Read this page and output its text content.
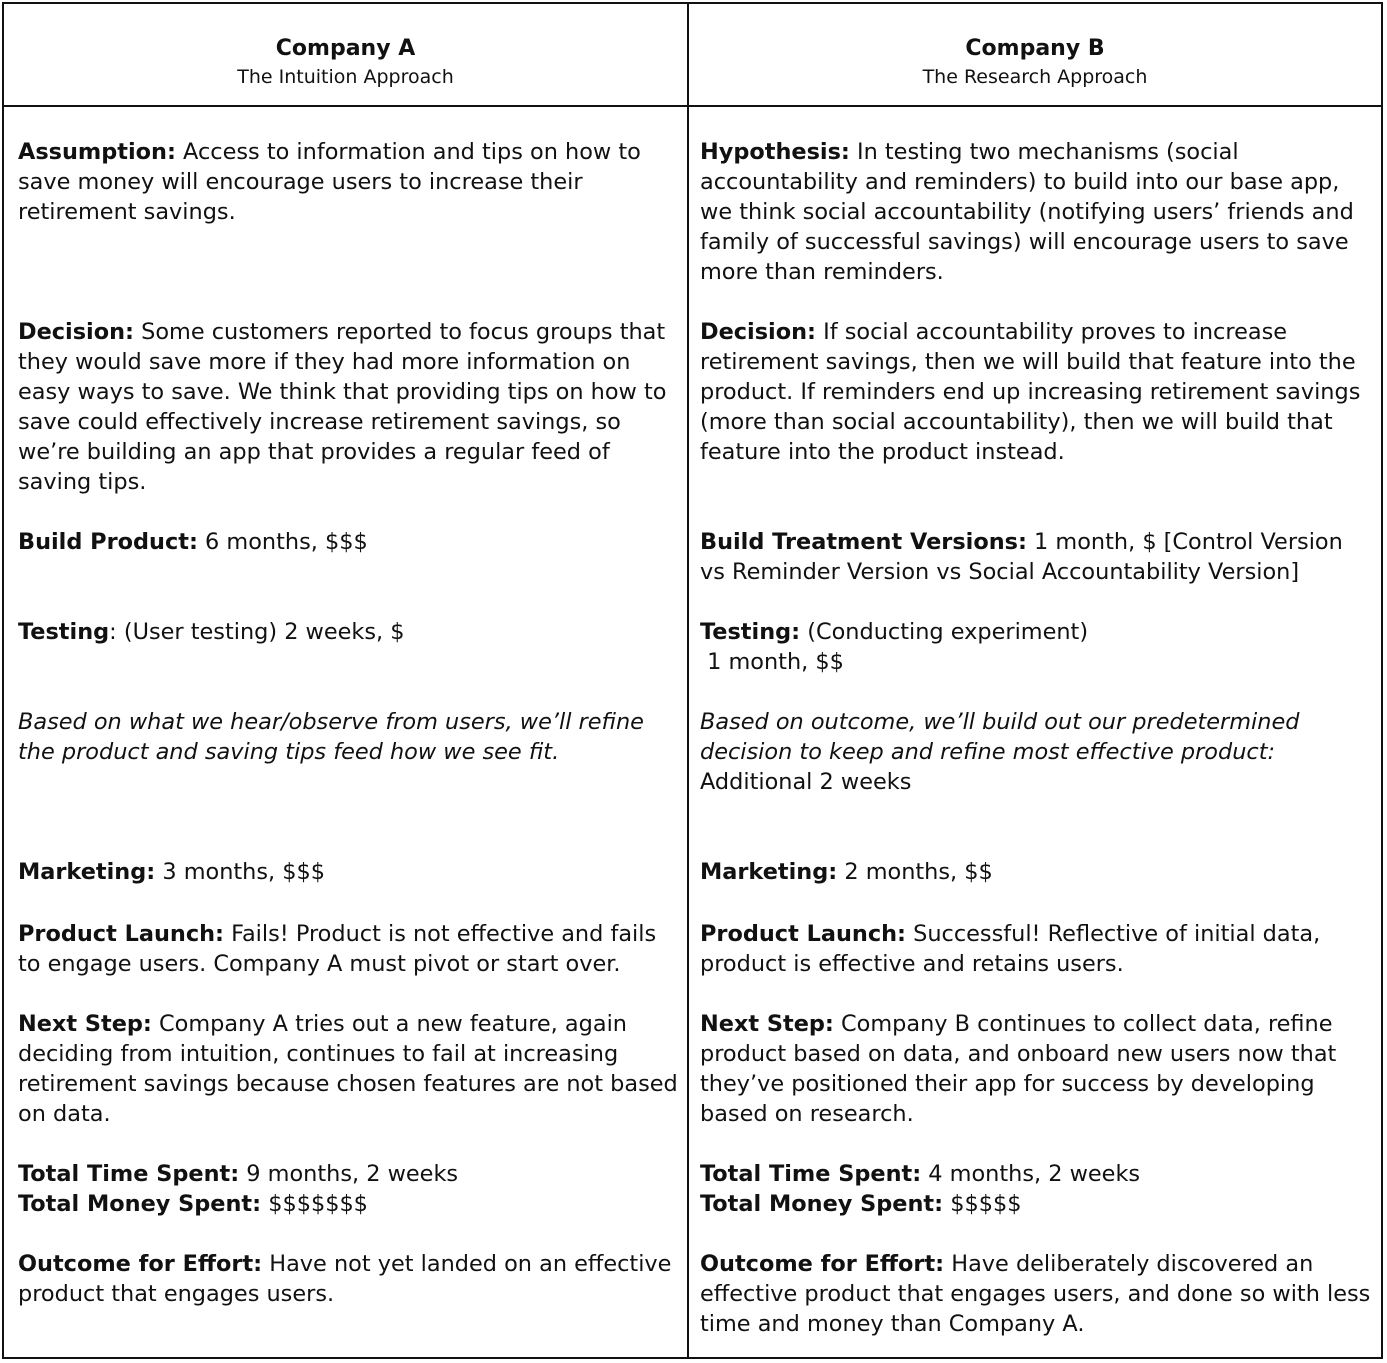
Company A
The Intuition Approach
Company B
The Research Approach
Assumption: Access to information and tips on how to save money will encourage users to increase their retirement savings.
Decision: Some customers reported to focus groups that they would save more if they had more information on easy ways to save. We think that providing tips on how to save could effectively increase retirement savings, so we’re building an app that provides a regular feed of saving tips.
Build Product: 6 months, $$$
Testing: (User testing) 2 weeks, $
Based on what we hear/observe from users, we’ll refine the product and saving tips feed how we see fit.
Marketing: 3 months, $$$
Product Launch: Fails! Product is not effective and fails to engage users. Company A must pivot or start over.
Next Step: Company A tries out a new feature, again deciding from intuition, continues to fail at increasing retirement savings because chosen features are not based on data.
Total Time Spent: 9 months, 2 weeks
Total Money Spent: $$$$$$$
Outcome for Effort: Have not yet landed on an effective product that engages users.
Hypothesis: In testing two mechanisms (social accountability and reminders) to build into our base app, we think social accountability (notifying users’ friends and family of successful savings) will encourage users to save more than reminders.
Decision: If social accountability proves to increase retirement savings, then we will build that feature into the product. If reminders end up increasing retirement savings (more than social accountability), then we will build that feature into the product instead.
Build Treatment Versions: 1 month, $ [Control Version vs Reminder Version vs Social Accountability Version]
Testing: (Conducting experiment)
1 month, $$
Based on outcome, we’ll build out our predetermined decision to keep and refine most effective product: Additional 2 weeks
Marketing: 2 months, $$
Product Launch: Successful! Reflective of initial data, product is effective and retains users.
Next Step: Company B continues to collect data, refine product based on data, and onboard new users now that they’ve positioned their app for success by developing based on research.
Total Time Spent: 4 months, 2 weeks
Total Money Spent: $$$$$
Outcome for Effort: Have deliberately discovered an effective product that engages users, and done so with less time and money than Company A.
